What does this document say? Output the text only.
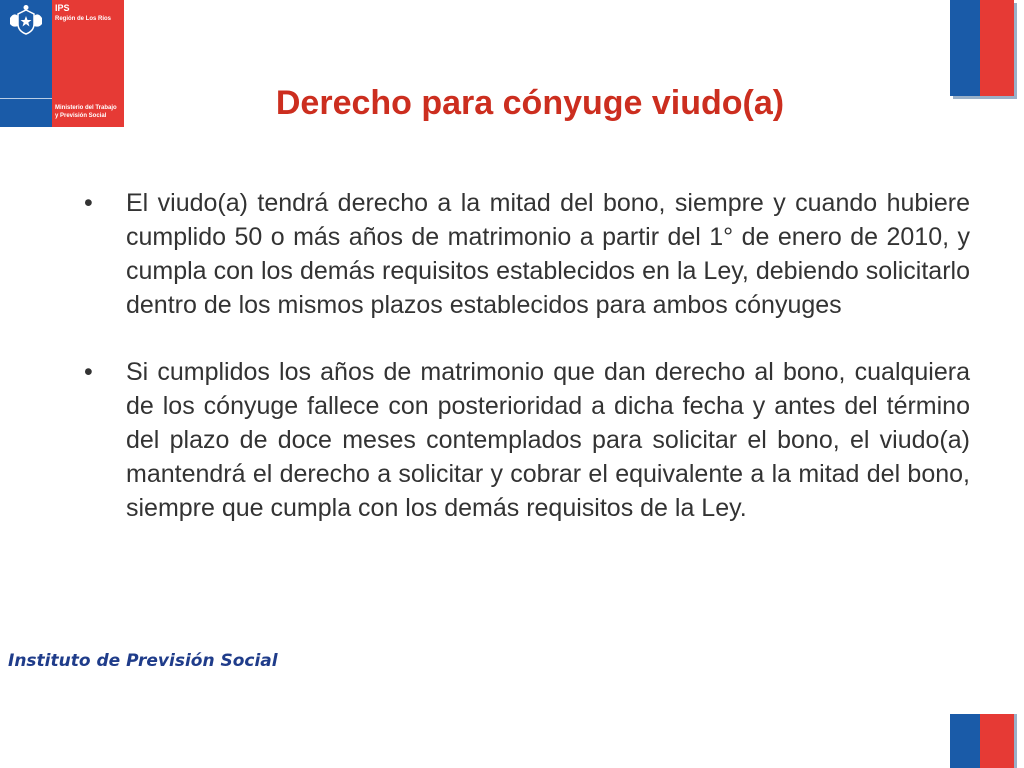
IPS
Región de Los Ríos
Ministerio del Trabajo
y Previsión Social	Derecho para cónyuge viudo(a)
•	El viudo(a) tendrá derecho a la mitad del bono, siempre y cuando hubiere cumplido 50 o más años de matrimonio a partir del 1° de enero de 2010, y cumpla con los demás requisitos establecidos en la Ley, debiendo solicitarlo dentro de los mismos plazos establecidos para ambos cónyuges
•	Si cumplidos los años de matrimonio que dan derecho al bono, cualquiera de los cónyuge fallece con posterioridad a dicha fecha y antes del término del plazo de doce meses contemplados para solicitar el bono, el viudo(a) mantendrá el derecho a solicitar y cobrar el equivalente a la mitad del bono, siempre que cumpla con los demás requisitos de la Ley.
Instituto de Previsión Social
